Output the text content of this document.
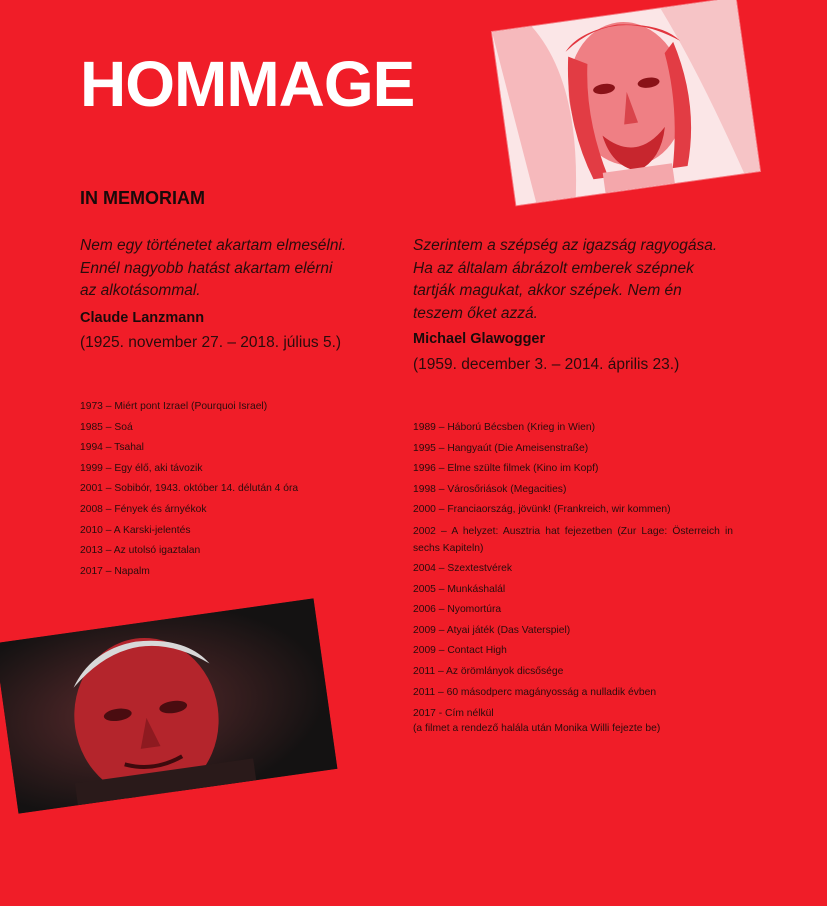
HOMMAGE
IN MEMORIAM
Nem egy történetet akartam elmesélni.
Ennél nagyobb hatást akartam elérni
az alkotásommal.
Szerintem a szépség az igazság ragyogása.
Ha az általam ábrázolt emberek szépnek
tartják magukat, akkor szépek. Nem én
teszem őket azzá.
Claude Lanzmann
(1925. november 27. – 2018. július 5.)	Michael Glawogger
(1959. december 3. – 2014. április 23.)
1973 – Miért pont Izrael (Pourquoi Israel)
1985 – Soá
1994 – Tsahal
1999 – Egy élő, aki távozik
2001 – Sobibór, 1943. október 14. délután 4 óra
2008 – Fények és árnyékok
2010 – A Karski-jelentés
2013 – Az utolsó igaztalan
2017 – Napalm
1989 – Háború Bécsben (Krieg in Wien)
1995 – Hangyaút (Die Ameisenstraße)
1996 – Elme szülte filmek (Kino im Kopf)
1998 – Városőriások (Megacities)
2000 – Franciaország, jövünk! (Frankreich, wir kommen)
2002 – A helyzet: Ausztria hat fejezetben (Zur Lage: Österreich in sechs Kapiteln)
2004 – Szextestvérek
2005 – Munkáshalál
2006 – Nyomortúra
2009 – Atyai játék (Das Vaterspiel)
2009 – Contact High
2011 – Az örömlányok dicsősége
2011 – 60 másodperc magányosság a nulladik évben
2017 - Cím nélkül
(a filmet a rendező halála után Monika Willi fejezte be)
